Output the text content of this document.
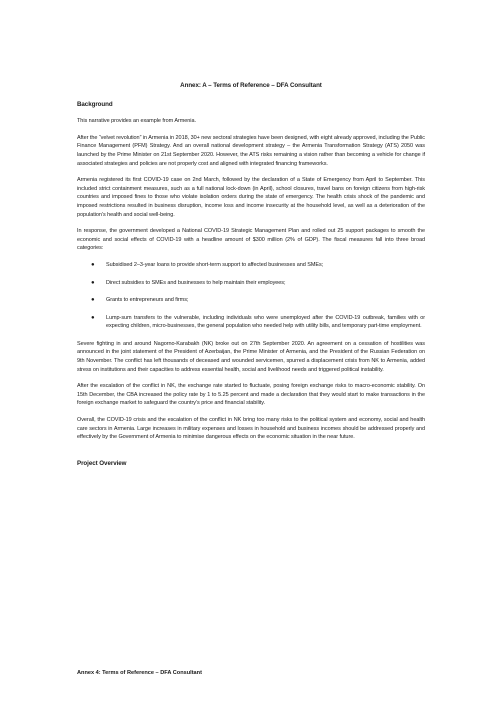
Annex: A – Terms of Reference – DFA Consultant
Background

This narrative provides an example from Armenia.

After the “velvet revolution” in Armenia in 2018, 30+ new sectoral strategies have been designed, with eight already approved, including the Public Finance Management (PFM) Strategy. And an overall national development strategy – the Armenia Transformation Strategy (ATS) 2050 was launched by the Prime Minister on 21st September 2020. However, the ATS risks remaining a vision rather than becoming a vehicle for change if associated strategies and policies are not properly cost and aligned with integrated financing frameworks.

Armenia registered its first COVID-19 case on 2nd March, followed by the declaration of a State of Emergency from April to September. This included strict containment measures, such as a full national lock-down (in April), school closures, travel bans on foreign citizens from high-risk countries and imposed fines to those who violate isolation orders during the state of emergency. The health crisis shock of the pandemic and imposed restrictions resulted in business disruption, income loss and income insecurity at the household level, as well as a deterioration of the population’s health and social well-being.

In response, the government developed a National COVID-19 Strategic Management Plan and rolled out 25 support packages to smooth the economic and social effects of COVID-19 with a headline amount of $300 million (2% of GDP). The fiscal measures fall into three broad categories:

● Subsidised 2–3-year loans to provide short-term support to affected businesses and SMEs;
● Direct subsidies to SMEs and businesses to help maintain their employees;
● Grants to entrepreneurs and firms;
● Lump-sum transfers to the vulnerable, including individuals who were unemployed after the COVID-19 outbreak, families with or expecting children, micro-businesses, the general population who needed help with utility bills, and temporary part-time employment.

Severe fighting in and around Nagorno-Karabakh (NK) broke out on 27th September 2020. An agreement on a cessation of hostilities was announced in the joint statement of the President of Azerbaijan, the Prime Minister of Armenia, and the President of the Russian Federation on 9th November. The conflict has left thousands of deceased and wounded servicemen, spurred a displacement crisis from NK to Armenia, added stress on institutions and their capacities to address essential health, social and livelihood needs and triggered political instability.

After the escalation of the conflict in NK, the exchange rate started to fluctuate, posing foreign exchange risks to macro-economic stability. On 15th December, the CBA increased the policy rate by 1 to 5.25 percent and made a declaration that they would start to make transactions in the foreign exchange market to safeguard the country’s price and financial stability.

Overall, the COVID-19 crisis and the escalation of the conflict in NK bring too many risks to the political system and economy, social and health care sectors in Armenia. Large increases in military expenses and losses in household and business incomes should be addressed properly and effectively by the Government of Armenia to minimise dangerous effects on the economic situation in the near future.

Project Overview
Annex 4: Terms of Reference – DFA Consultant
